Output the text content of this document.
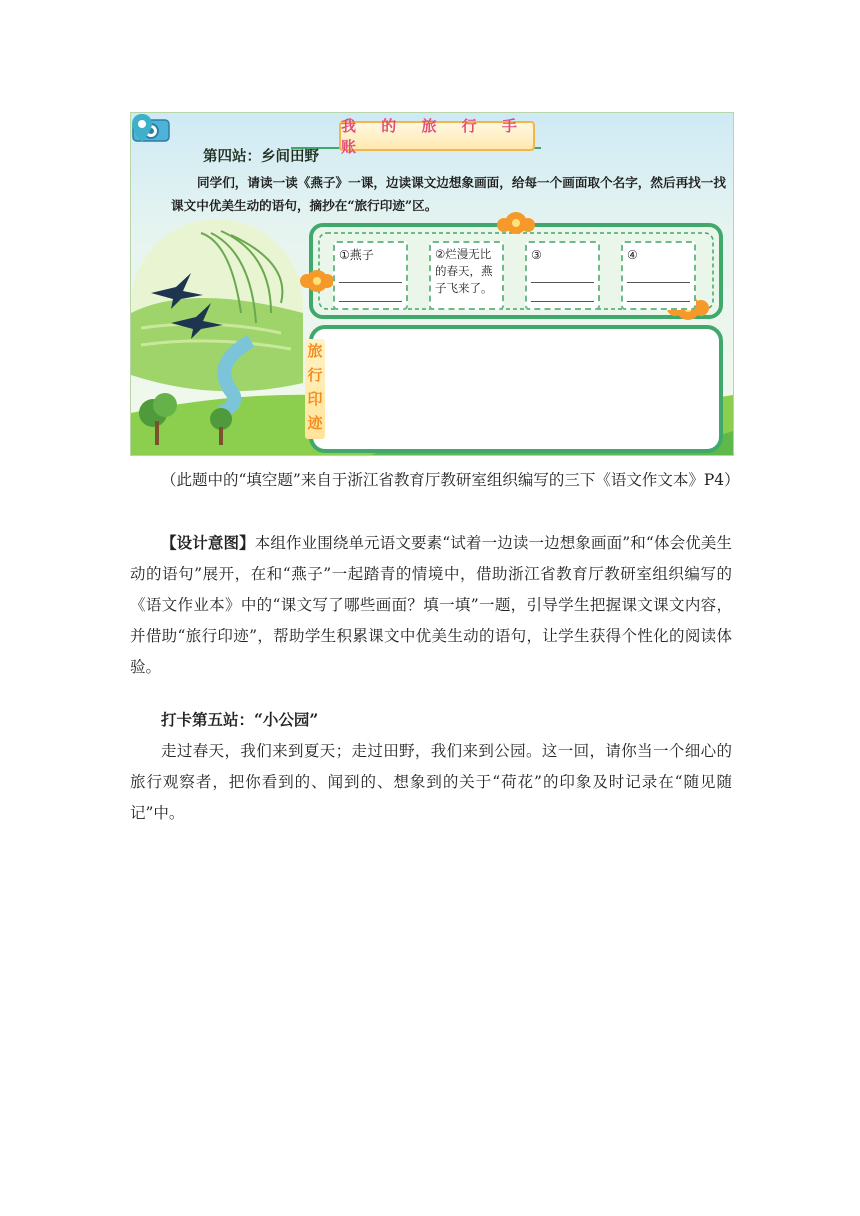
我 的 旅 行 手 账
第四站：乡间田野
同学们，请读一读《燕子》一课，边读课文边想象画面，给每一个画面取个名字，然后再找一找课文中优美生动的语句，摘抄在“旅行印迹”区。
①燕子	②烂漫无比的春天，燕子飞来了。
③	④
旅
行
印
迹
（此题中的“填空题”来自于浙江省教育厅教研室组织编写的三下《语文作文本》P4）
【设计意图】本组作业围绕单元语文要素“试着一边读一边想象画面”和“体会优美生动的语句”展开，在和“燕子”一起踏青的情境中，借助浙江省教育厅教研室组织编写的《语文作业本》中的“课文写了哪些画面？填一填”一题，引导学生把握课文课文内容，并借助“旅行印迹”，帮助学生积累课文中优美生动的语句，让学生获得个性化的阅读体验。
打卡第五站：“小公园”
走过春天，我们来到夏天；走过田野，我们来到公园。这一回，请你当一个细心的旅行观察者，把你看到的、闻到的、想象到的关于“荷花”的印象及时记录在“随见随记”中。
